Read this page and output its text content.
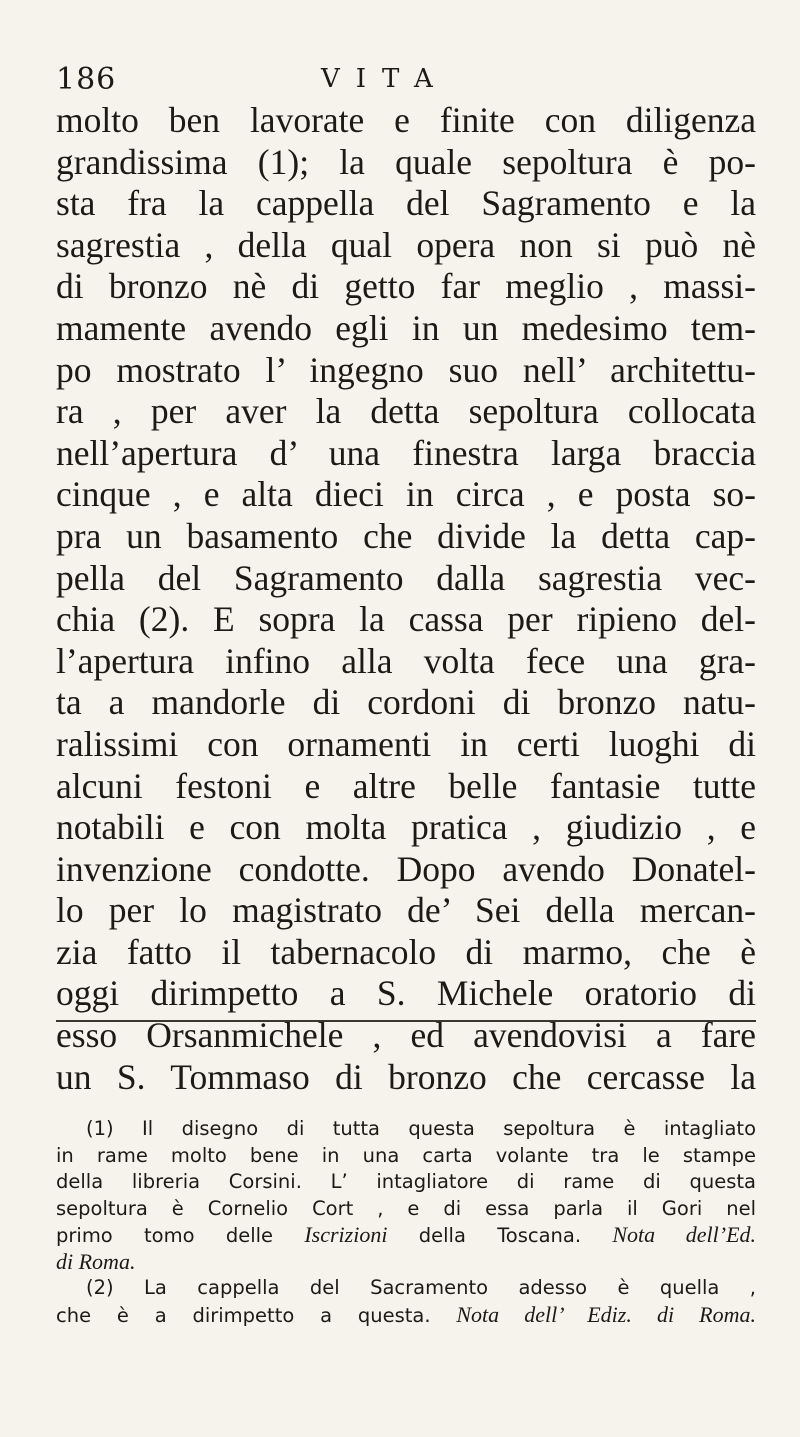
186	VITA
molto ben lavorate e finite con diligenza
grandissima (1); la quale sepoltura è po-
sta fra la cappella del Sagramento e la
sagrestia , della qual opera non si può nè
di bronzo nè di getto far meglio , massi-
mamente avendo egli in un medesimo tem-
po mostrato l’ ingegno suo nell’ architettu-
ra , per aver la detta sepoltura collocata
nell’apertura d’ una finestra larga braccia
cinque , e alta dieci in circa , e posta so-
pra un basamento che divide la detta cap-
pella del Sagramento dalla sagrestia vec-
chia (2). E sopra la cassa per ripieno del-
l’apertura infino alla volta fece una gra-
ta a mandorle di cordoni di bronzo natu-
ralissimi con ornamenti in certi luoghi di
alcuni festoni e altre belle fantasie tutte
notabili e con molta pratica , giudizio , e
invenzione condotte. Dopo avendo Donatel-
lo per lo magistrato de’ Sei della mercan-
zia fatto il tabernacolo di marmo, che è
oggi dirimpetto a S. Michele oratorio di
esso Orsanmichele , ed avendovisi a fare
un S. Tommaso di bronzo che cercasse la
(1) Il disegno di tutta questa sepoltura è intagliato
in rame molto bene in una carta volante tra le stampe
della libreria Corsini. L’ intagliatore di rame di questa
sepoltura è Cornelio Cort , e di essa parla il Gori nel
primo tomo delle Iscrizioni della Toscana. Nota dell’Ed.
di Roma.
(2) La cappella del Sacramento adesso è quella ,
che è a dirimpetto a questa. Nota dell’ Ediz. di Roma.
